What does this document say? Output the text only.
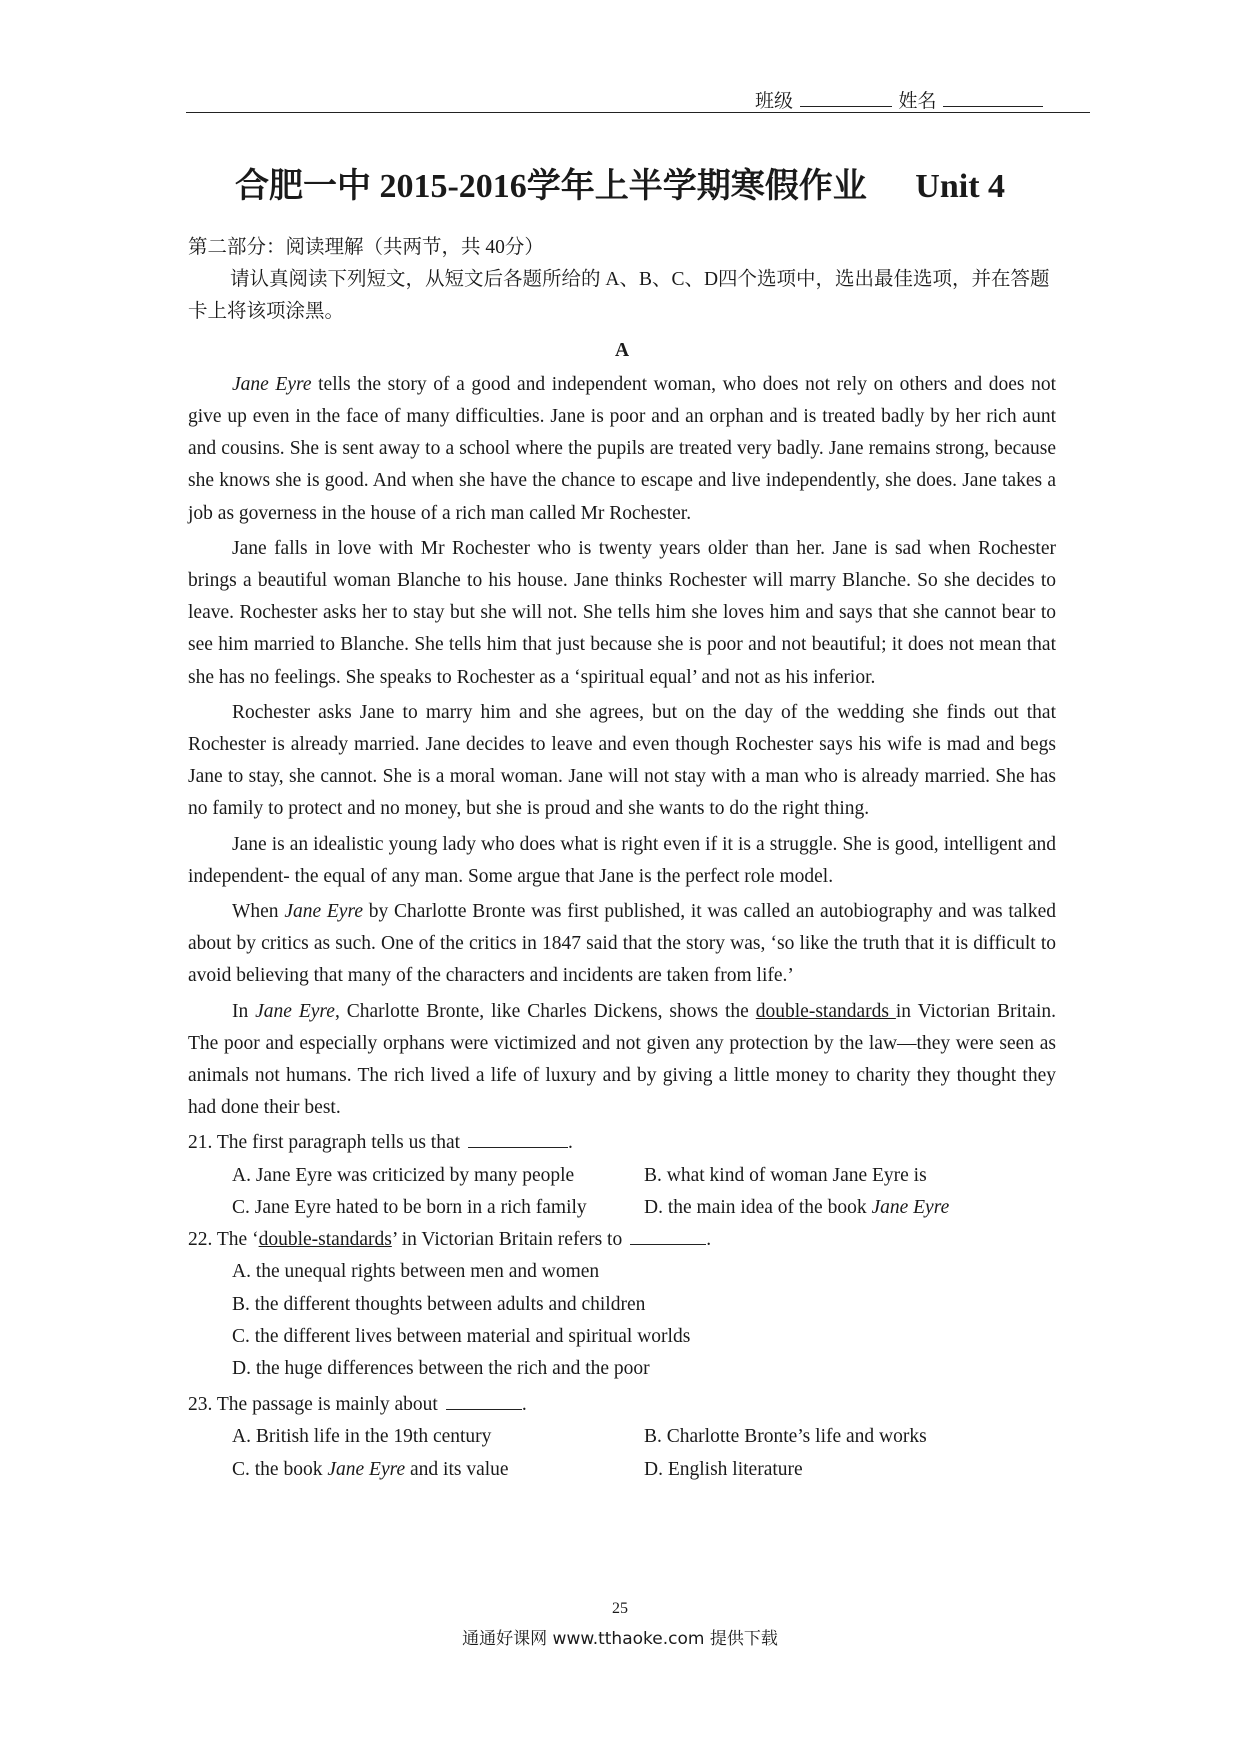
班级	姓名
合肥一中 2015-2016学年上半学期寒假作业 Unit 4

第二部分：阅读理解（共两节，共 40分）

请认真阅读下列短文，从短文后各题所给的 A、B、C、D四个选项中，选出最佳选项，并在答题卡上将该项涂黑。

A

Jane Eyre tells the story of a good and independent woman, who does not rely on others and does not give up even in the face of many difficulties. Jane is poor and an orphan and is treated badly by her rich aunt and cousins. She is sent away to a school where the pupils are treated very badly. Jane remains strong, because she knows she is good. And when she have the chance to escape and live independently, she does. Jane takes a job as governess in the house of a rich man called Mr Rochester.

Jane falls in love with Mr Rochester who is twenty years older than her. Jane is sad when Rochester brings a beautiful woman Blanche to his house. Jane thinks Rochester will marry Blanche. So she decides to leave. Rochester asks her to stay but she will not. She tells him she loves him and says that she cannot bear to see him married to Blanche. She tells him that just because she is poor and not beautiful; it does not mean that she has no feelings. She speaks to Rochester as a ‘spiritual equal’ and not as his inferior.

Rochester asks Jane to marry him and she agrees, but on the day of the wedding she finds out that Rochester is already married. Jane decides to leave and even though Rochester says his wife is mad and begs Jane to stay, she cannot. She is a moral woman. Jane will not stay with a man who is already married. She has no family to protect and no money, but she is proud and she wants to do the right thing.

Jane is an idealistic young lady who does what is right even if it is a struggle. She is good, intelligent and independent- the equal of any man. Some argue that Jane is the perfect role model.

When Jane Eyre by Charlotte Bronte was first published, it was called an autobiography and was talked about by critics as such. One of the critics in 1847 said that the story was, ‘so like the truth that it is difficult to avoid believing that many of the characters and incidents are taken from life.’

In Jane Eyre, Charlotte Bronte, like Charles Dickens, shows the double-standards in Victorian Britain. The poor and especially orphans were victimized and not given any protection by the law—they were seen as animals not humans. The rich lived a life of luxury and by giving a little money to charity they thought they had done their best.

21. The first paragraph tells us that	.

A. Jane Eyre was criticized by many people	B. what kind of woman Jane Eyre is
C. Jane Eyre hated to be born in a rich family	D. the main idea of the book Jane Eyre

22. The ‘double-standards’ in Victorian Britain refers to	.

A. the unequal rights between men and women

B. the different thoughts between adults and children

C. the different lives between material and spiritual worlds

D. the huge differences between the rich and the poor

23. The passage is mainly about	.

A. British life in the 19th century	B. Charlotte Bronte’s life and works
C. the book Jane Eyre and its value	D. English literature
25
通通好课网 www.tthaoke.com 提供下载
